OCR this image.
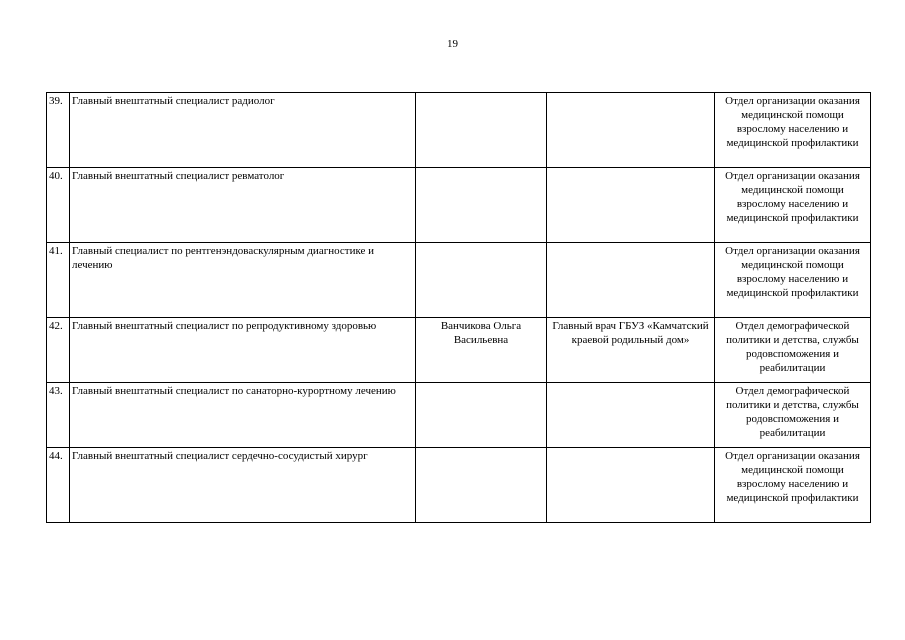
19
39.	Главный внештатный специалист радиолог			Отдел организации оказания медицинской помощи взрослому населению и медицинской профилактики
40.	Главный внештатный специалист ревматолог			Отдел организации оказания медицинской помощи взрослому населению и медицинской профилактики
41.	Главный специалист по рентгенэндоваскулярным диагностике и лечению			Отдел организации оказания медицинской помощи взрослому населению и медицинской профилактики
42.	Главный внештатный специалист по репродуктивному здоровью	Ванчикова Ольга Васильевна	Главный врач ГБУЗ «Камчатский краевой родильный дом»	Отдел демографической политики и детства, службы родовспоможения и реабилитации
43.	Главный внештатный специалист по санаторно-курортному лечению			Отдел демографической политики и детства, службы родовспоможения и реабилитации
44.	Главный внештатный специалист сердечно-сосудистый хирург			Отдел организации оказания медицинской помощи взрослому населению и медицинской профилактики
